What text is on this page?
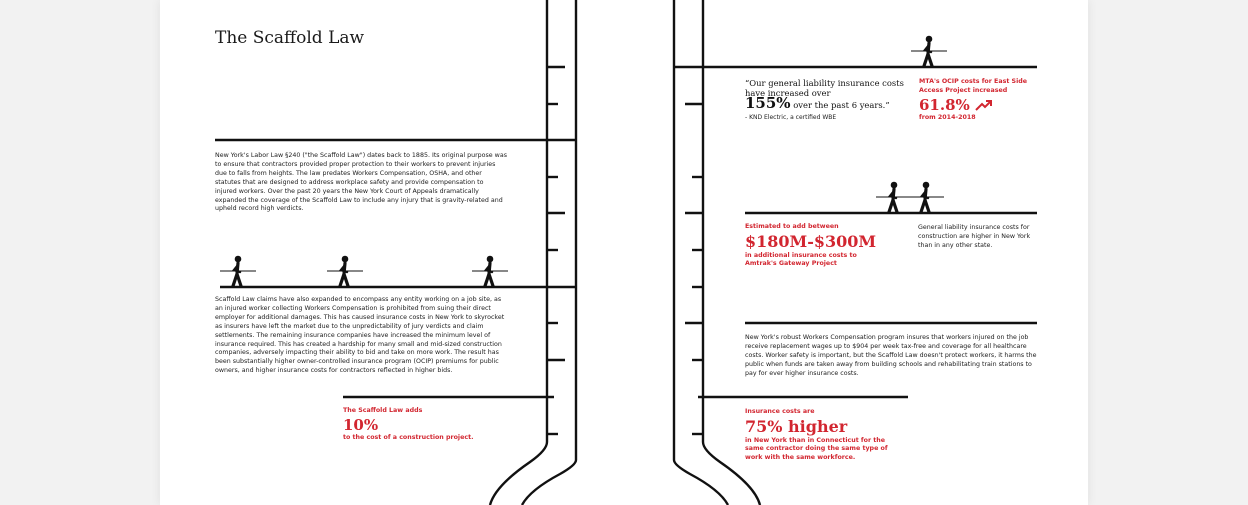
The Scaffold Law
New York's Labor Law §240 ("the Scaffold Law") dates back to 1885. Its original purpose was to ensure that contractors provided proper protection to their workers to prevent injuries due to falls from heights. The law predates Workers Compensation, OSHA, and other statutes that are designed to address workplace safety and provide compensation to injured workers. Over the past 20 years the New York Court of Appeals dramatically expanded the coverage of the Scaffold Law to include any injury that is gravity-related and upheld record high verdicts.
Scaffold Law claims have also expanded to encompass any entity working on a job site, as an injured worker collecting Workers Compensation is prohibited from suing their direct employer for additional damages. This has caused insurance costs in New York to skyrocket as insurers have left the market due to the unpredictability of jury verdicts and claim settlements. The remaining insurance companies have increased the minimum level of insurance required. This has created a hardship for many small and mid-sized construction companies, adversely impacting their ability to bid and take on more work. The result has been substantially higher owner-controlled insurance program (OCIP) premiums for public owners, and higher insurance costs for contractors reflected in higher bids.
The Scaffold Law adds
10%
to the cost of a construction project.
“Our general liability insurance costs have increased over
155% over the past 6 years.”
- KND Electric, a certified WBE
MTA's OCIP costs for East Side Access Project increased
61.8%
from 2014-2018
Estimated to add between
$180M-$300M
in additional insurance costs to Amtrak's Gateway Project
General liability insurance costs for construction are higher in New York than in any other state.
New York's robust Workers Compensation program insures that workers injured on the job receive replacement wages up to $904 per week tax-free and coverage for all healthcare costs. Worker safety is important, but the Scaffold Law doesn't protect workers, it harms the public when funds are taken away from building schools and rehabilitating train stations to pay for ever higher insurance costs.
Insurance costs are
75% higher
in New York than in Connecticut for the same contractor doing the same type of work with the same workforce.
